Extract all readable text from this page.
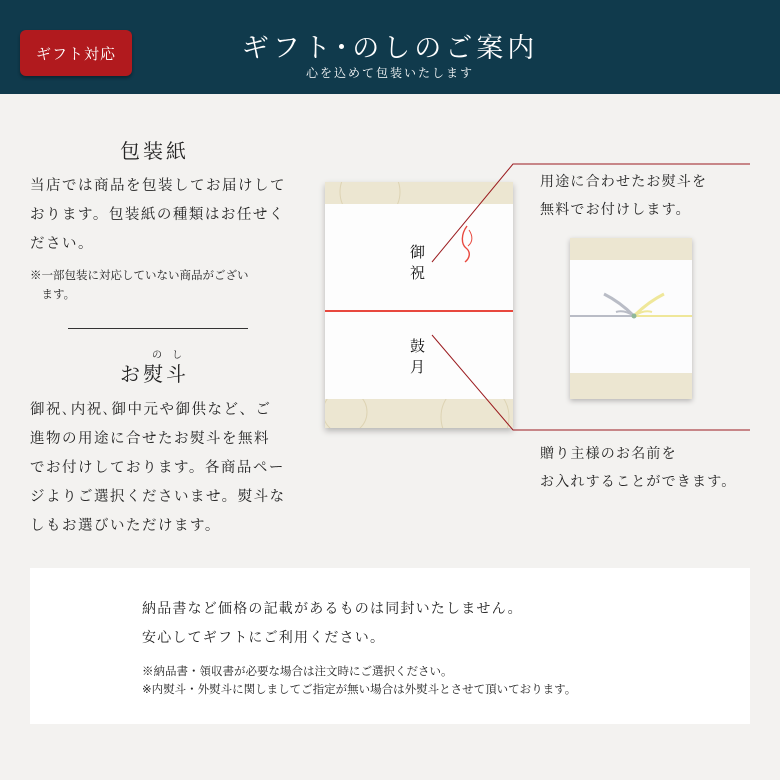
ギフト対応	ギフト･のしのご案内
心を込めて包装いたします
包装紙
当店では商品を包装してお届けして
おります。包装紙の種類はお任せく
ださい。
※一部包装に対応していない商品がござい
　ます。
のし
お熨斗
御祝､内祝､御中元や御供など、ご
進物の用途に合せたお熨斗を無料
でお付けしております。各商品ペー
ジよりご選択くださいませ。熨斗な
しもお選びいただけます。
御祝
鼓月
用途に合わせたお熨斗を
無料でお付けします。
贈り主様のお名前を
お入れすることができます。
納品書など価格の記載があるものは同封いたしません。
安心してギフトにご利用ください。
※納品書・領収書が必要な場合は注文時にご選択ください。
※内熨斗・外熨斗に関しましてご指定が無い場合は外熨斗とさせて頂いております。
